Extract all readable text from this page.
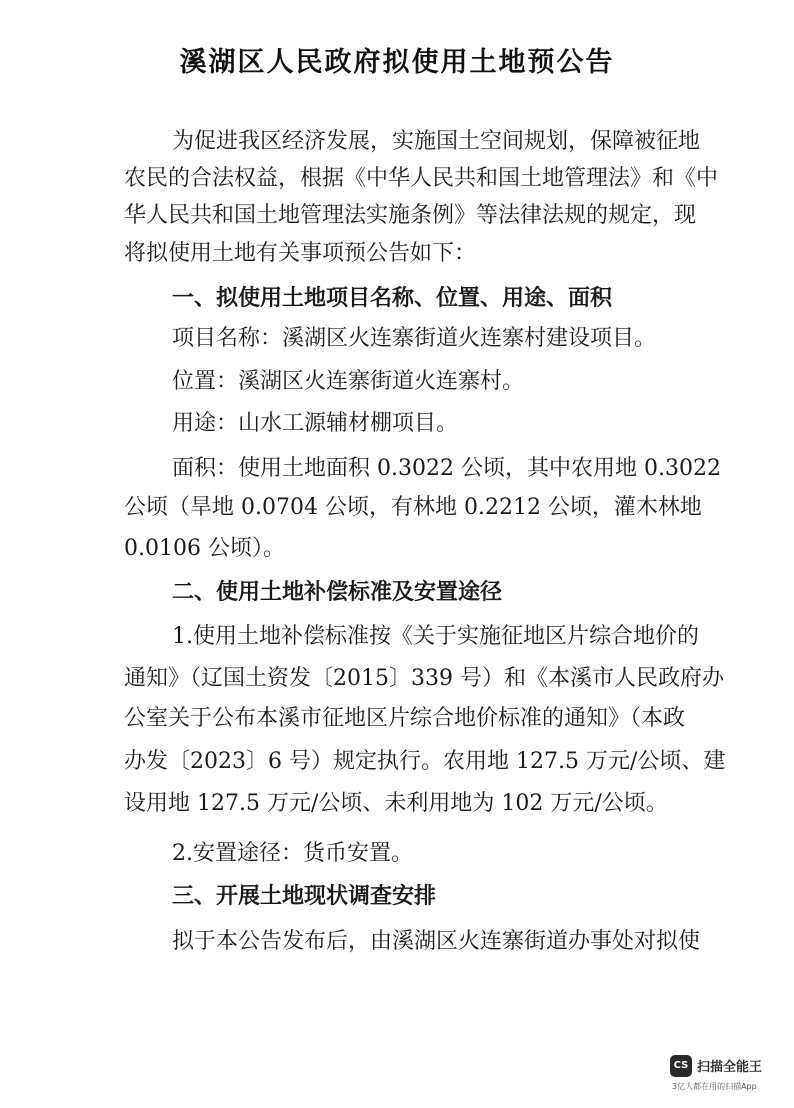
溪湖区人民政府拟使用土地预公告
为促进我区经济发展，实施国土空间规划，保障被征地
农民的合法权益，根据《中华人民共和国土地管理法》和《中
华人民共和国土地管理法实施条例》等法律法规的规定，现
将拟使用土地有关事项预公告如下：
一、拟使用土地项目名称、位置、用途、面积
项目名称：溪湖区火连寨街道火连寨村建设项目。
位置：溪湖区火连寨街道火连寨村。
用途：山水工源辅材棚项目。
面积：使用土地面积 0.3022 公顷，其中农用地 0.3022
公顷（旱地 0.0704 公顷，有林地 0.2212 公顷，灌木林地
0.0106 公顷）。
二、使用土地补偿标准及安置途径
1.使用土地补偿标准按《关于实施征地区片综合地价的
通知》（辽国土资发〔2015〕339 号）和《本溪市人民政府办
公室关于公布本溪市征地区片综合地价标准的通知》（本政
办发〔2023〕6 号）规定执行。农用地 127.5 万元/公顷、建
设用地 127.5 万元/公顷、未利用地为 102 万元/公顷。
2.安置途径：货币安置。
三、开展土地现状调查安排
拟于本公告发布后，由溪湖区火连寨街道办事处对拟使
CS 扫描全能王
3亿人都在用的扫描App
